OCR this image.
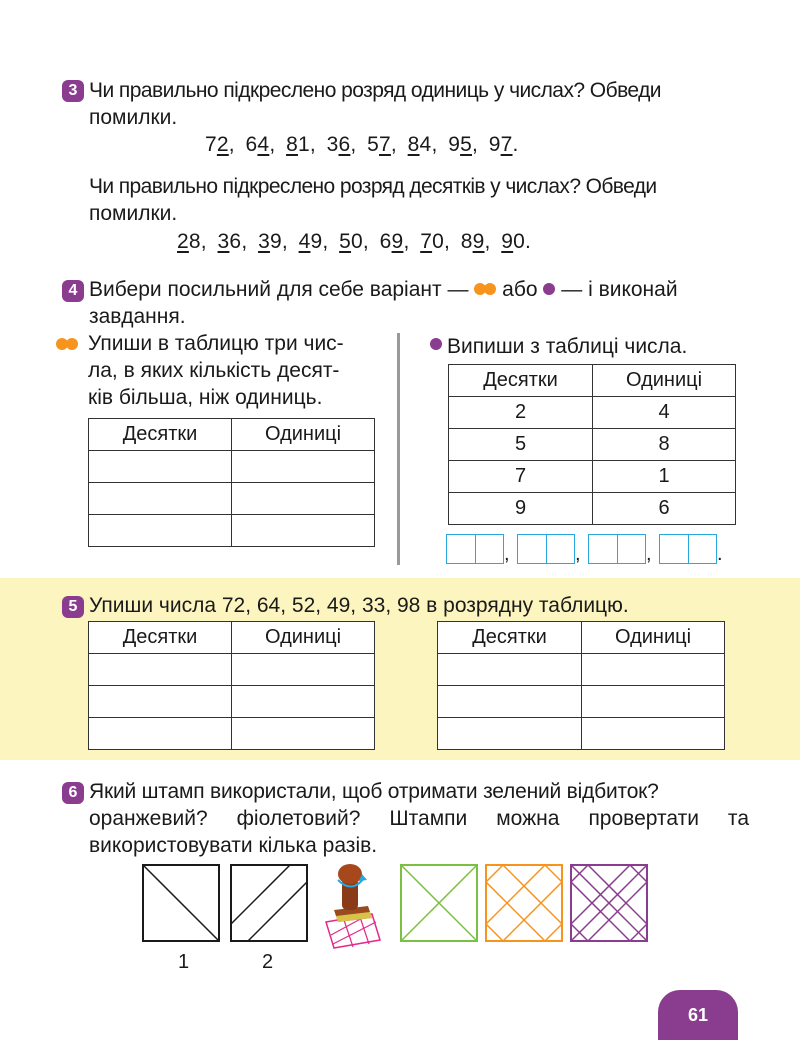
3 Чи правильно підкреслено розряд одиниць у числах? Обведи
помилки.
72, 64, 81, 36, 57, 84, 95, 97.
Чи правильно підкреслено розряд десятків у числах? Обведи
помилки.
28, 36, 39, 49, 50, 69, 70, 89, 90.
4 Вибери посильний для себе варіант — або — і виконай
завдання.
Упиши в таблицю три чис-
ла, в яких кількість десят-
ків більша, ніж одиниць.
Десятки	Одиниці

Випиши з таблиці числа.
Десятки	Одиниці
2	4
5	8
7	1
9	6
,	,	,	.
5 Упиши числа 72, 64, 52, 49, 33, 98 в розрядну таблицю.
Десятки	Одиниці

		Десятки	Одиниці

6 Який штамп використали, щоб отримати зелений відбиток?
оранжевий? фіолетовий? Штампи можна провертати та
використовувати кілька разів.
1	2
61
